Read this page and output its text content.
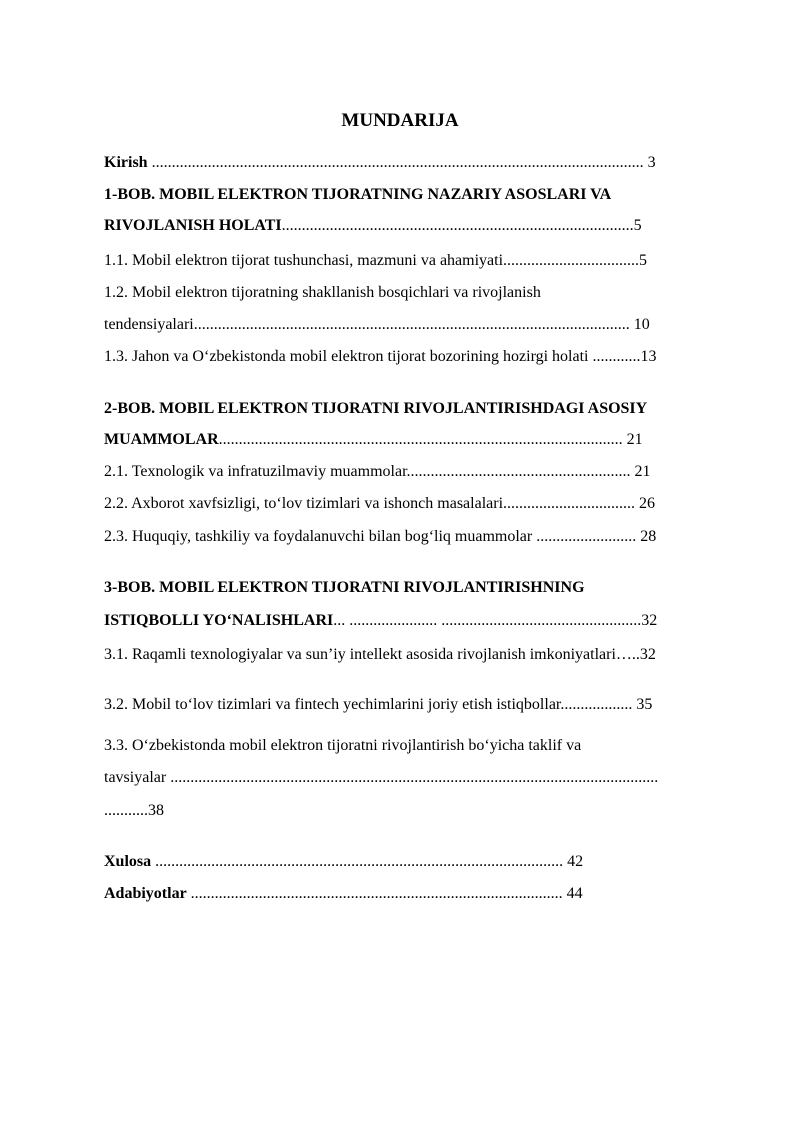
MUNDARIJA
Kirish ........................................................................................................................... 3
1-BOB. MOBIL ELEKTRON TIJORATNING NAZARIY ASOSLARI VA
RIVOJLANISH HOLATI........................................................................................5
1.1. Mobil elektron tijorat tushunchasi, mazmuni va ahamiyati..................................5
1.2. Mobil elektron tijoratning shakllanish bosqichlari va rivojlanish
tendensiyalari............................................................................................................. 10
1.3. Jahon va O‘zbekistonda mobil elektron tijorat bozorining hozirgi holati ............13
2-BOB. MOBIL ELEKTRON TIJORATNI RIVOJLANTIRISHDAGI ASOSIY
MUAMMOLAR..................................................................................................... 21
2.1. Texnologik va infratuzilmaviy muammolar........................................................ 21
2.2. Axborot xavfsizligi, to‘lov tizimlari va ishonch masalalari................................. 26
2.3. Huquqiy, tashkiliy va foydalanuvchi bilan bog‘liq muammolar ......................... 28
3-BOB. MOBIL ELEKTRON TIJORATNI RIVOJLANTIRISHNING
ISTIQBOLLI YO‘NALISHLARI... ...................... ..................................................32
3.1. Raqamli texnologiyalar va sun’iy intellekt asosida rivojlanish imkoniyatlari…..32
3.2. Mobil to‘lov tizimlari va fintech yechimlarini joriy etish istiqbollar.................. 35
3.3. O‘zbekistonda mobil elektron tijoratni rivojlantirish bo‘yicha taklif va
tavsiyalar ..........................................................................................................................
...........38
Xulosa ...................................................................................................... 42
Adabiyotlar ............................................................................................. 44
